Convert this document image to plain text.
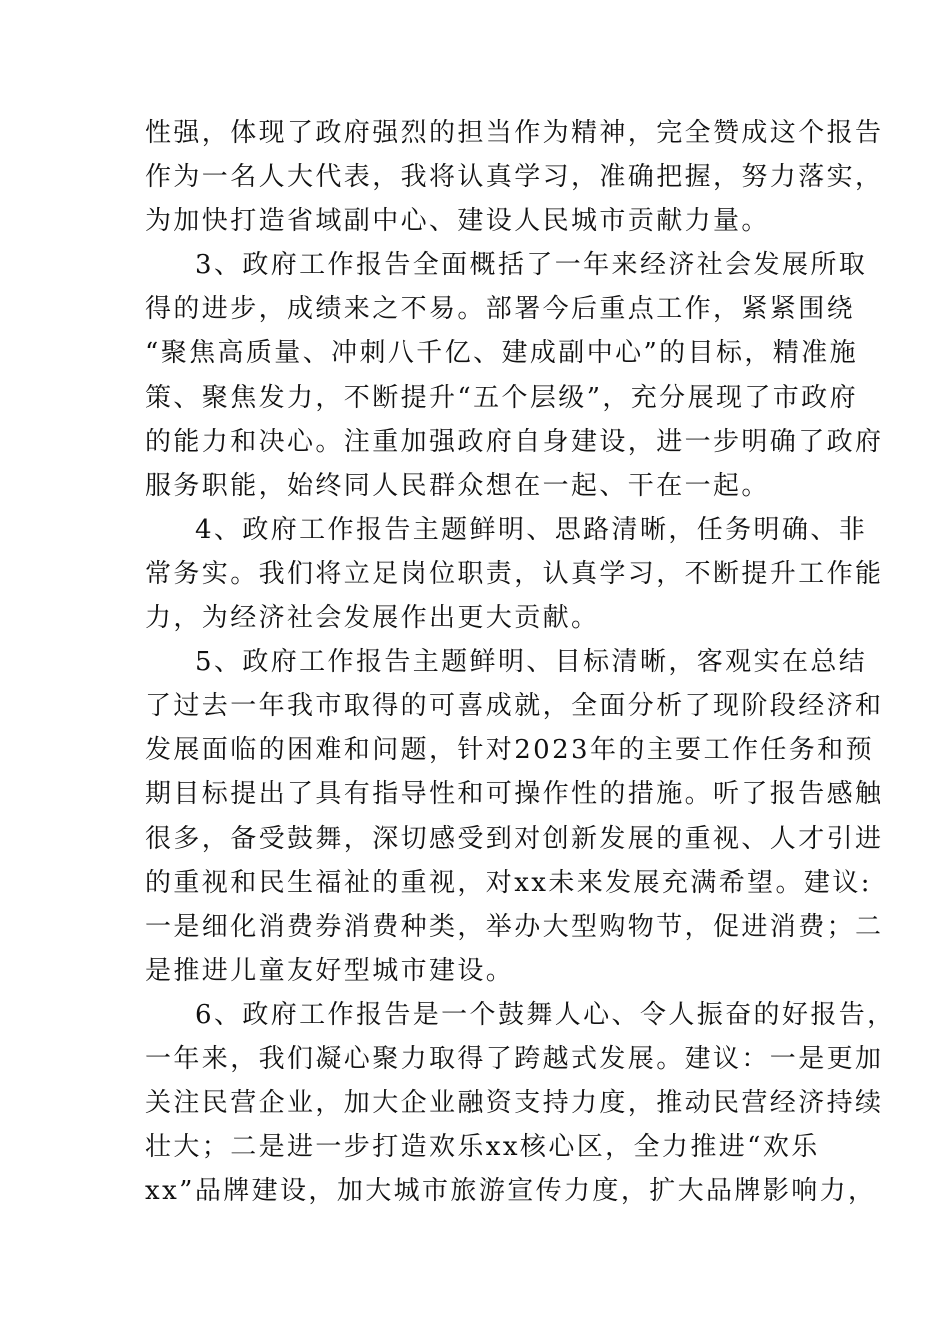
性强，体现了政府强烈的担当作为精神，完全赞成这个报告
作为一名人大代表，我将认真学习，准确把握，努力落实，
为加快打造省域副中心、建设人民城市贡献力量。
3、政府工作报告全面概括了一年来经济社会发展所取
得的进步，成绩来之不易。部署今后重点工作，紧紧围绕
“聚焦高质量、冲刺八千亿、建成副中心”的目标，精准施
策、聚焦发力，不断提升“五个层级”，充分展现了市政府
的能力和决心。注重加强政府自身建设，进一步明确了政府
服务职能，始终同人民群众想在一起、干在一起。
4、政府工作报告主题鲜明、思路清晰，任务明确、非
常务实。我们将立足岗位职责，认真学习，不断提升工作能
力，为经济社会发展作出更大贡献。
5、政府工作报告主题鲜明、目标清晰，客观实在总结
了过去一年我市取得的可喜成就，全面分析了现阶段经济和
发展面临的困难和问题，针对2023年的主要工作任务和预
期目标提出了具有指导性和可操作性的措施。听了报告感触
很多，备受鼓舞，深切感受到对创新发展的重视、人才引进
的重视和民生福祉的重视，对xx未来发展充满希望。建议:
一是细化消费券消费种类，举办大型购物节，促进消费；二
是推进儿童友好型城市建设。
6、政府工作报告是一个鼓舞人心、令人振奋的好报告，
一年来，我们凝心聚力取得了跨越式发展。建议：一是更加
关注民营企业，加大企业融资支持力度，推动民营经济持续
壮大；二是进一步打造欢乐xx核心区，全力推进“欢乐
xx”品牌建设，加大城市旅游宣传力度，扩大品牌影响力，
